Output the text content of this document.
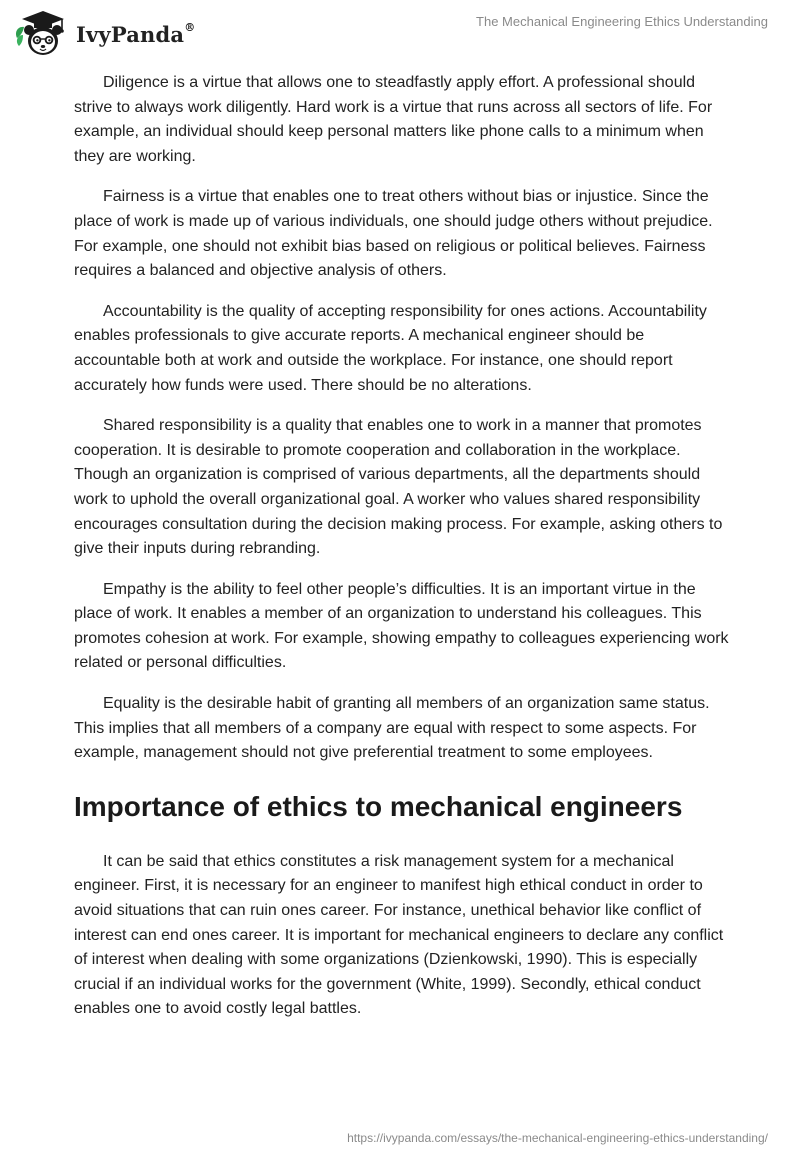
IvyPanda®	The Mechanical Engineering Ethics Understanding

Diligence is a virtue that allows one to steadfastly apply effort. A professional should strive to always work diligently. Hard work is a virtue that runs across all sectors of life. For example, an individual should keep personal matters like phone calls to a minimum when they are working.

Fairness is a virtue that enables one to treat others without bias or injustice. Since the place of work is made up of various individuals, one should judge others without prejudice. For example, one should not exhibit bias based on religious or political believes. Fairness requires a balanced and objective analysis of others.

Accountability is the quality of accepting responsibility for ones actions. Accountability enables professionals to give accurate reports. A mechanical engineer should be accountable both at work and outside the workplace. For instance, one should report accurately how funds were used. There should be no alterations.

Shared responsibility is a quality that enables one to work in a manner that promotes cooperation. It is desirable to promote cooperation and collaboration in the workplace. Though an organization is comprised of various departments, all the departments should work to uphold the overall organizational goal. A worker who values shared responsibility encourages consultation during the decision making process. For example, asking others to give their inputs during rebranding.

Empathy is the ability to feel other people’s difficulties. It is an important virtue in the place of work. It enables a member of an organization to understand his colleagues. This promotes cohesion at work. For example, showing empathy to colleagues experiencing work related or personal difficulties.

Equality is the desirable habit of granting all members of an organization same status. This implies that all members of a company are equal with respect to some aspects. For example, management should not give preferential treatment to some employees.

Importance of ethics to mechanical engineers

It can be said that ethics constitutes a risk management system for a mechanical engineer. First, it is necessary for an engineer to manifest high ethical conduct in order to avoid situations that can ruin ones career. For instance, unethical behavior like conflict of interest can end ones career. It is important for mechanical engineers to declare any conflict of interest when dealing with some organizations (Dzienkowski, 1990). This is especially crucial if an individual works for the government (White, 1999). Secondly, ethical conduct enables one to avoid costly legal battles.

https://ivypanda.com/essays/the-mechanical-engineering-ethics-understanding/
